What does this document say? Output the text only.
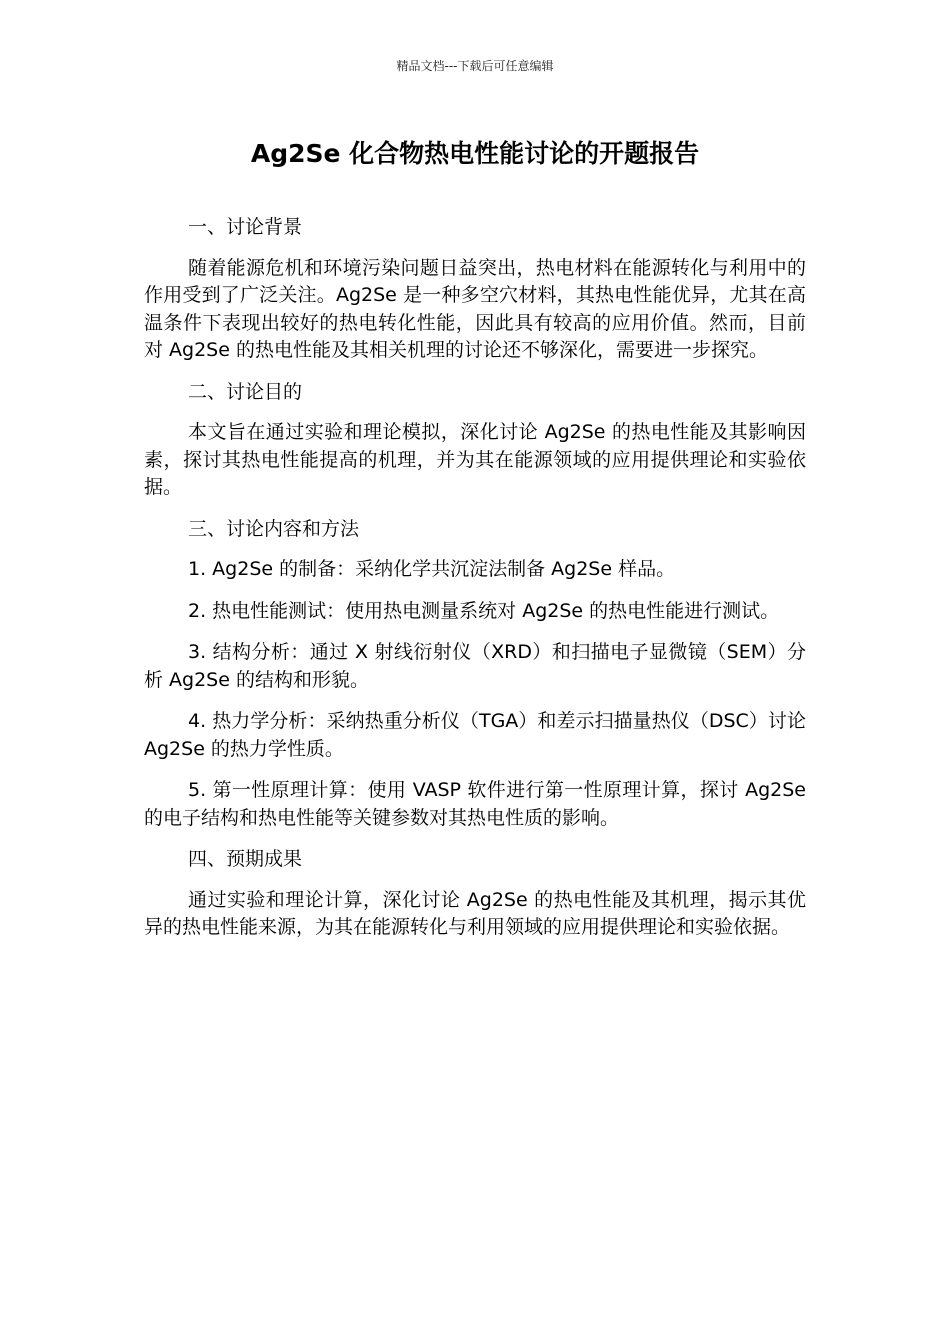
精品文档---下载后可任意编辑
Ag2Se 化合物热电性能讨论的开题报告

一、讨论背景

随着能源危机和环境污染问题日益突出，热电材料在能源转化与利用中的作用受到了广泛关注。Ag2Se 是一种多空穴材料，其热电性能优异，尤其在高温条件下表现出较好的热电转化性能，因此具有较高的应用价值。然而，目前对 Ag2Se 的热电性能及其相关机理的讨论还不够深化，需要进一步探究。

二、讨论目的

本文旨在通过实验和理论模拟，深化讨论 Ag2Se 的热电性能及其影响因素，探讨其热电性能提高的机理，并为其在能源领域的应用提供理论和实验依据。

三、讨论内容和方法

1. Ag2Se 的制备：采纳化学共沉淀法制备 Ag2Se 样品。

2. 热电性能测试：使用热电测量系统对 Ag2Se 的热电性能进行测试。

3. 结构分析：通过 X 射线衍射仪（XRD）和扫描电子显微镜（SEM）分析 Ag2Se 的结构和形貌。

4. 热力学分析：采纳热重分析仪（TGA）和差示扫描量热仪（DSC）讨论 Ag2Se 的热力学性质。

5. 第一性原理计算：使用 VASP 软件进行第一性原理计算，探讨 Ag2Se 的电子结构和热电性能等关键参数对其热电性质的影响。

四、预期成果

通过实验和理论计算，深化讨论 Ag2Se 的热电性能及其机理，揭示其优异的热电性能来源，为其在能源转化与利用领域的应用提供理论和实验依据。
